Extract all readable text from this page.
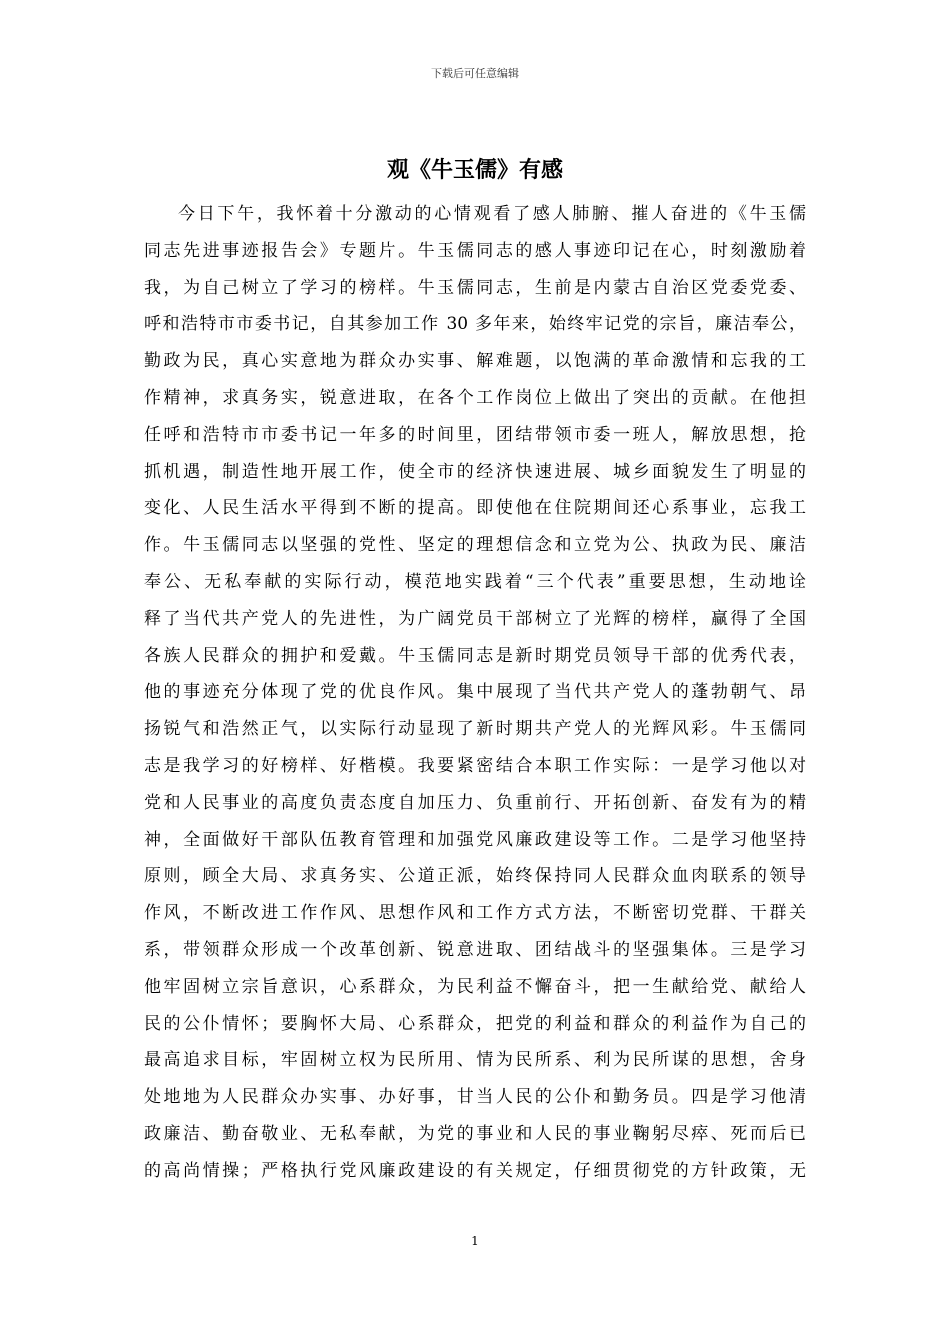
下载后可任意编辑
观《牛玉儒》有感
今日下午，我怀着十分激动的心情观看了感人肺腑、摧人奋进的《牛玉儒
同志先进事迹报告会》专题片。牛玉儒同志的感人事迹印记在心，时刻激励着
我，为自己树立了学习的榜样。牛玉儒同志，生前是内蒙古自治区党委党委、
呼和浩特市市委书记，自其参加工作 30 多年来，始终牢记党的宗旨，廉洁奉公，
勤政为民，真心实意地为群众办实事、解难题，以饱满的革命激情和忘我的工
作精神，求真务实，锐意进取，在各个工作岗位上做出了突出的贡献。在他担
任呼和浩特市市委书记一年多的时间里，团结带领市委一班人，解放思想，抢
抓机遇，制造性地开展工作，使全市的经济快速进展、城乡面貌发生了明显的
变化、人民生活水平得到不断的提高。即使他在住院期间还心系事业，忘我工
作。牛玉儒同志以坚强的党性、坚定的理想信念和立党为公、执政为民、廉洁
奉公、无私奉献的实际行动，模范地实践着“三个代表”重要思想，生动地诠
释了当代共产党人的先进性，为广阔党员干部树立了光辉的榜样，赢得了全国
各族人民群众的拥护和爱戴。牛玉儒同志是新时期党员领导干部的优秀代表，
他的事迹充分体现了党的优良作风。集中展现了当代共产党人的蓬勃朝气、昂
扬锐气和浩然正气，以实际行动显现了新时期共产党人的光辉风彩。牛玉儒同
志是我学习的好榜样、好楷模。我要紧密结合本职工作实际：一是学习他以对
党和人民事业的高度负责态度自加压力、负重前行、开拓创新、奋发有为的精
神，全面做好干部队伍教育管理和加强党风廉政建设等工作。二是学习他坚持
原则，顾全大局、求真务实、公道正派，始终保持同人民群众血肉联系的领导
作风，不断改进工作作风、思想作风和工作方式方法，不断密切党群、干群关
系，带领群众形成一个改革创新、锐意进取、团结战斗的坚强集体。三是学习
他牢固树立宗旨意识，心系群众，为民利益不懈奋斗，把一生献给党、献给人
民的公仆情怀；要胸怀大局、心系群众，把党的利益和群众的利益作为自己的
最高追求目标，牢固树立权为民所用、情为民所系、利为民所谋的思想，舍身
处地地为人民群众办实事、办好事，甘当人民的公仆和勤务员。四是学习他清
政廉洁、勤奋敬业、无私奉献，为党的事业和人民的事业鞠躬尽瘁、死而后已
的高尚情操；严格执行党风廉政建设的有关规定，仔细贯彻党的方针政策，无
1
